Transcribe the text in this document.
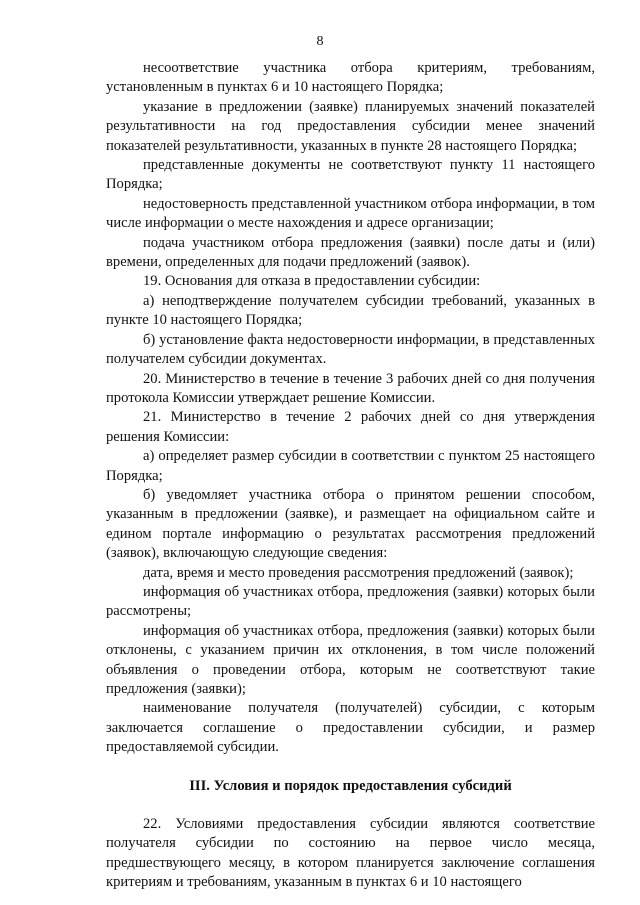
8

несоответствие участника отбора критериям, требованиям, установленным в пунктах 6 и 10 настоящего Порядка;

указание в предложении (заявке) планируемых значений показателей результативности на год предоставления субсидии менее значений показателей результативности, указанных в пункте 28 настоящего Порядка;

представленные документы не соответствуют пункту 11 настоящего Порядка;

недостоверность представленной участником отбора информации, в том числе информации о месте нахождения и адресе организации;

подача участником отбора предложения (заявки) после даты и (или) времени, определенных для подачи предложений (заявок).

19. Основания для отказа в предоставлении субсидии:

а) неподтверждение получателем субсидии требований, указанных в пункте 10 настоящего Порядка;

б) установление факта недостоверности информации, в представленных получателем субсидии документах.

20. Министерство в течение в течение 3 рабочих дней со дня получения протокола Комиссии утверждает решение Комиссии.

21. Министерство в течение 2 рабочих дней со дня утверждения решения Комиссии:

а) определяет размер субсидии в соответствии с пунктом 25 настоящего Порядка;

б) уведомляет участника отбора о принятом решении способом, указанным в предложении (заявке), и размещает на официальном сайте и едином портале информацию о результатах рассмотрения предложений (заявок), включающую следующие сведения:

дата, время и место проведения рассмотрения предложений (заявок);

информация об участниках отбора, предложения (заявки) которых были рассмотрены;

информация об участниках отбора, предложения (заявки) которых были отклонены, с указанием причин их отклонения, в том числе положений объявления о проведении отбора, которым не соответствуют такие предложения (заявки);

наименование получателя (получателей) субсидии, с которым заключается соглашение о предоставлении субсидии, и размер предоставляемой субсидии.

III. Условия и порядок предоставления субсидий

22. Условиями предоставления субсидии являются соответствие получателя субсидии по состоянию на первое число месяца, предшествующего месяцу, в котором планируется заключение соглашения критериям и требованиям, указанным в пунктах 6 и 10 настоящего
